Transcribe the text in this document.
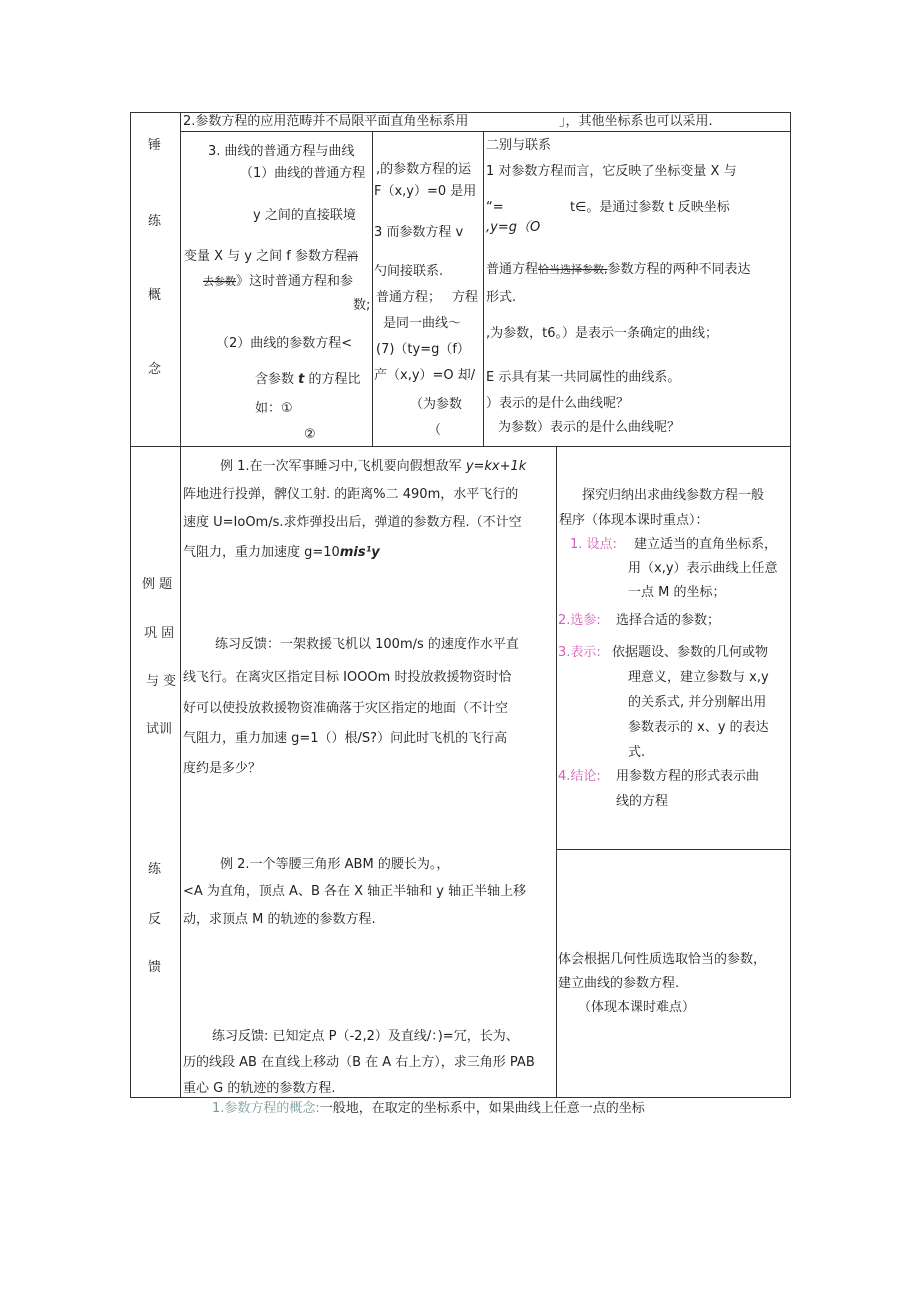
锤
练
概
念
2.参数方程的应用范畴并不局限平面直角坐标系用	」，其他坐标系也可以采用.
3. 曲线的普通方程与曲线
（1）曲线的普通方程
y 之间的直接联境
变量 X 与 y 之间 f 参数方程消
去参数》这时普通方程和参
数;
（2）曲线的参数方程<
含参数 t 的方程比
如：①
②
,的参数方程的运
F（x,y）=0 是用
3 而参数方程 v
勺间接联系.
普通方程； 方程
是同一曲线～
(7)（ty=g（f）
产（x,y）=O 却/
（为参数
（
二别与联系
1 对参数方程而言，它反映了坐标变量 X 与
“=	t∈。是通过参数 t 反映坐标
,y=g（O
普通方程恰当选择参数,参数方程的两种不同表达
形式.
,为参数，t6。）是表示一条确定的曲线；
E 示具有某一共同属性的曲线系。
）表示的是什么曲线呢？
为参数）表示的是什么曲线呢？
例 题
巩 固
与 变
试训
例 1.在一次军事睡习中,飞机要向假想敌军 y=kx+1k
阵地进行投弹，髀仪工射. 的距离%二 490m，水平飞行的
速度 U=IoOm∕s.求炸弹投出后，弹道的参数方程.（不计空
气阻力，重力加速度 g=10mis¹y
练习反馈：一架救援飞机以 100m∕s 的速度作水平直
线飞行。在离灾区指定目标 IOOOm 时投放救援物资时恰
好可以使投放救援物资准确落于灾区指定的地面（不计空
气阻力，重力加速 g=1（）根/S?）问此时飞机的飞行高
度约是多少？
探究归纳出求曲线参数方程一般
程序（体现本课时重点）：
1. 设点: 建立适当的直角坐标系，
用（x,y）表示曲线上任意
一点 M 的坐标；
2.选参: 选择合适的参数；
3.表示: 依据题设、参数的几何或物
理意义，建立参数与 x,y
的关系式, 并分别解出用
参数表示的 x、y 的表达
式.
4.结论: 用参数方程的形式表示曲
线的方程
练
反
馈
例 2.一个等腰三角形 ABM 的腰长为。，
<A 为直角，顶点 A、B 各在 X 轴正半轴和 y 轴正半轴上移
动，求顶点 M 的轨迹的参数方程.
练习反馈: 已知定点 P（-2,2）及直线/：)=冗，长为、
历的线段 AB 在直线上移动（B 在 A 右上方），求三角形 PAB
重心 G 的轨迹的参数方程.
体会根据几何性质选取恰当的参数，
建立曲线的参数方程.
（体现本课时难点）
1.参数方程的概念:一般地，在取定的坐标系中，如果曲线上任意一点的坐标
